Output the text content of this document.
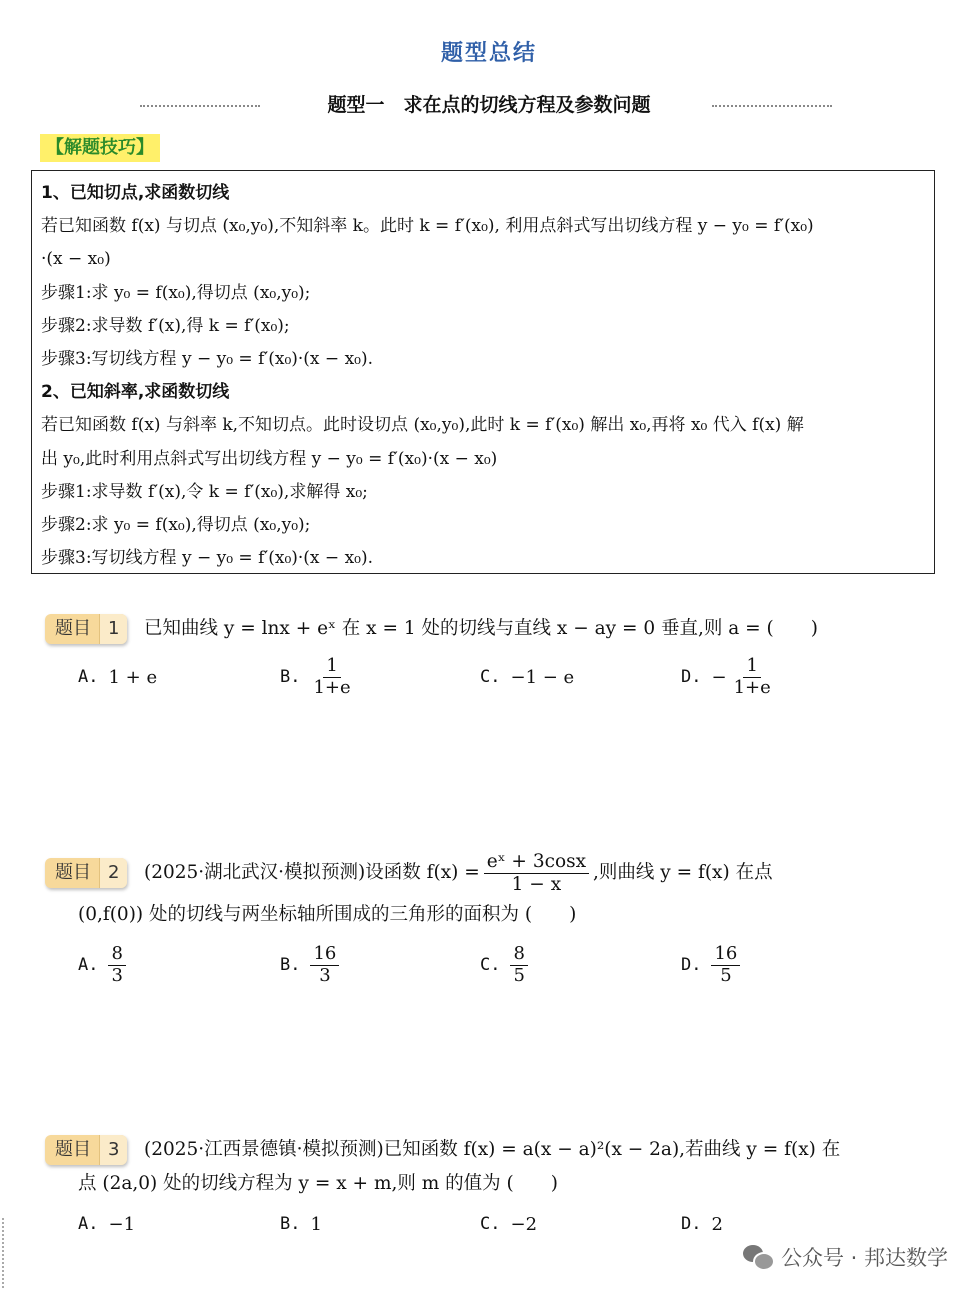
题型总结
题型一　求在点的切线方程及参数问题
【解题技巧】
1、已知切点,求函数切线
若已知函数 f(x) 与切点 (x₀,y₀),不知斜率 k。此时 k = f′(x₀), 利用点斜式写出切线方程 y − y₀ = f′(x₀)
·(x − x₀)
步骤1:求 y₀ = f(x₀),得切点 (x₀,y₀);
步骤2:求导数 f′(x),得 k = f′(x₀);
步骤3:写切线方程 y − y₀ = f′(x₀)·(x − x₀).
2、已知斜率,求函数切线
若已知函数 f(x) 与斜率 k,不知切点。此时设切点 (x₀,y₀),此时 k = f′(x₀) 解出 x₀,再将 x₀ 代入 f(x) 解
出 y₀,此时利用点斜式写出切线方程 y − y₀ = f′(x₀)·(x − x₀)
步骤1:求导数 f′(x),令 k = f′(x₀),求解得 x₀;
步骤2:求 y₀ = f(x₀),得切点 (x₀,y₀);
步骤3:写切线方程 y − y₀ = f′(x₀)·(x − x₀).
题目 1	已知曲线 y = lnx + eˣ 在 x = 1 处的切线与直线 x − ay = 0 垂直,则 a = (　　)
A. 1 + e	B. $\frac{1}{1+e}$	C. −1 − e	D. − $\frac{1}{1+e}$
题目 2	(2025·湖北武汉·模拟预测)设函数 $f(x) = \frac{\text{eˣ + 3cosx}}{1 - x}$ ,则曲线 y = f(x) 在点
(0,f(0)) 处的切线与两坐标轴所围成的三角形的面积为 (　　)
A. $\frac{8}{3}$	B. $\frac{16}{3}$	C. $\frac{8}{5}$	D. $\frac{16}{5}$
题目 3	(2025·江西景德镇·模拟预测)已知函数 f(x) = a(x − a)²(x − 2a),若曲线 y = f(x) 在
点 (2a,0) 处的切线方程为 y = x + m,则 m 的值为 (　　)
A. −1	B. 1	C. −2	D. 2
公众号 · 邦达数学
